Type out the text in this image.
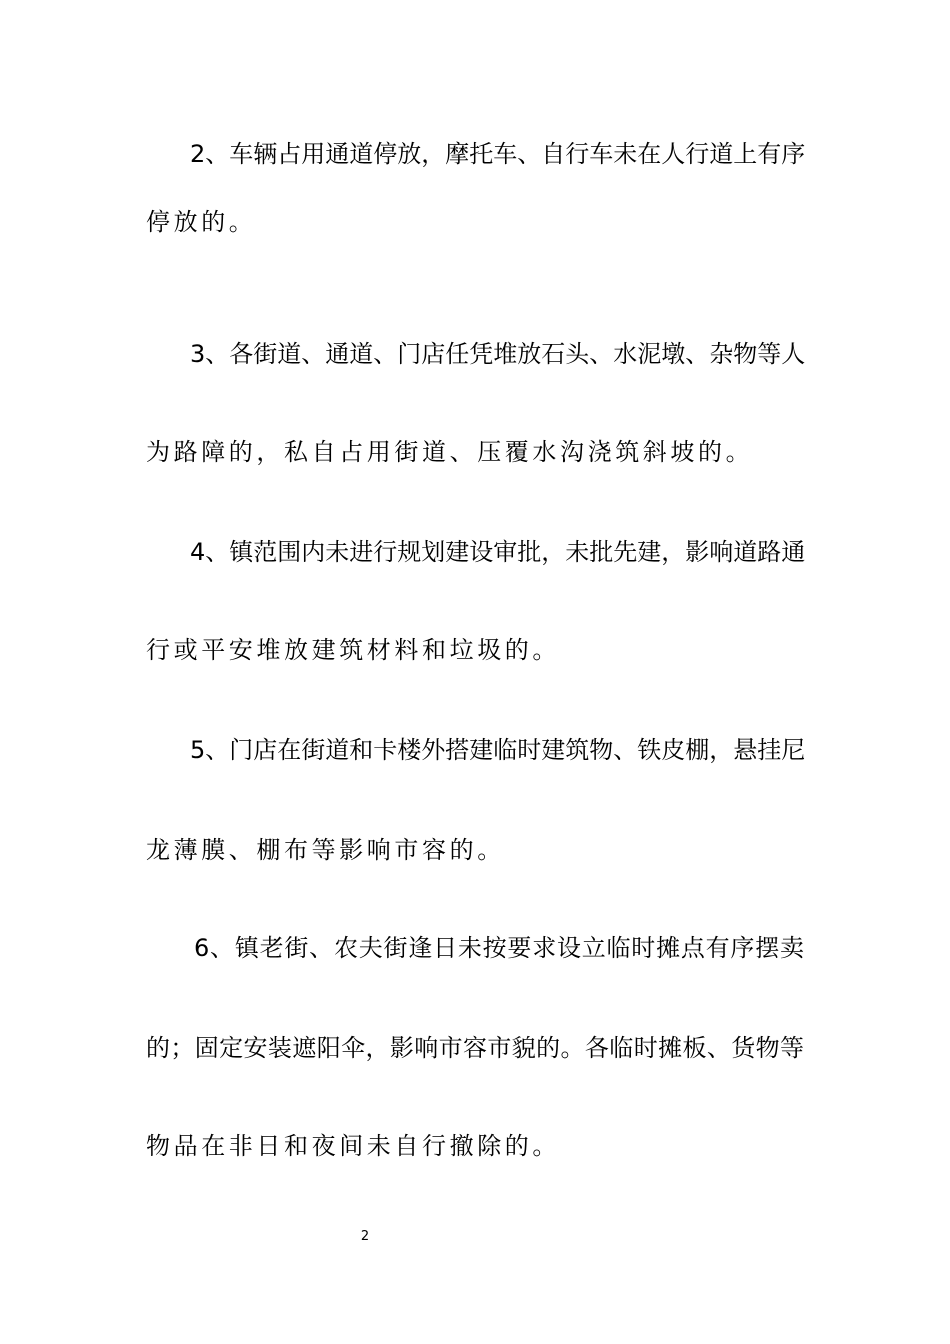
2、车辆占用通道停放，摩托车、自行车未在人行道上有序
停放的。
3、各街道、通道、门店任凭堆放石头、水泥墩、杂物等人
为路障的，私自占用街道、压覆水沟浇筑斜坡的。
4、镇范围内未进行规划建设审批，未批先建，影响道路通
行或平安堆放建筑材料和垃圾的。
5、门店在街道和卡楼外搭建临时建筑物、铁皮棚，悬挂尼
龙薄膜、棚布等影响市容的。
6、镇老街、农夫街逢日未按要求设立临时摊点有序摆卖
的；固定安装遮阳伞，影响市容市貌的。各临时摊板、货物等
物品在非日和夜间未自行撤除的。
2
